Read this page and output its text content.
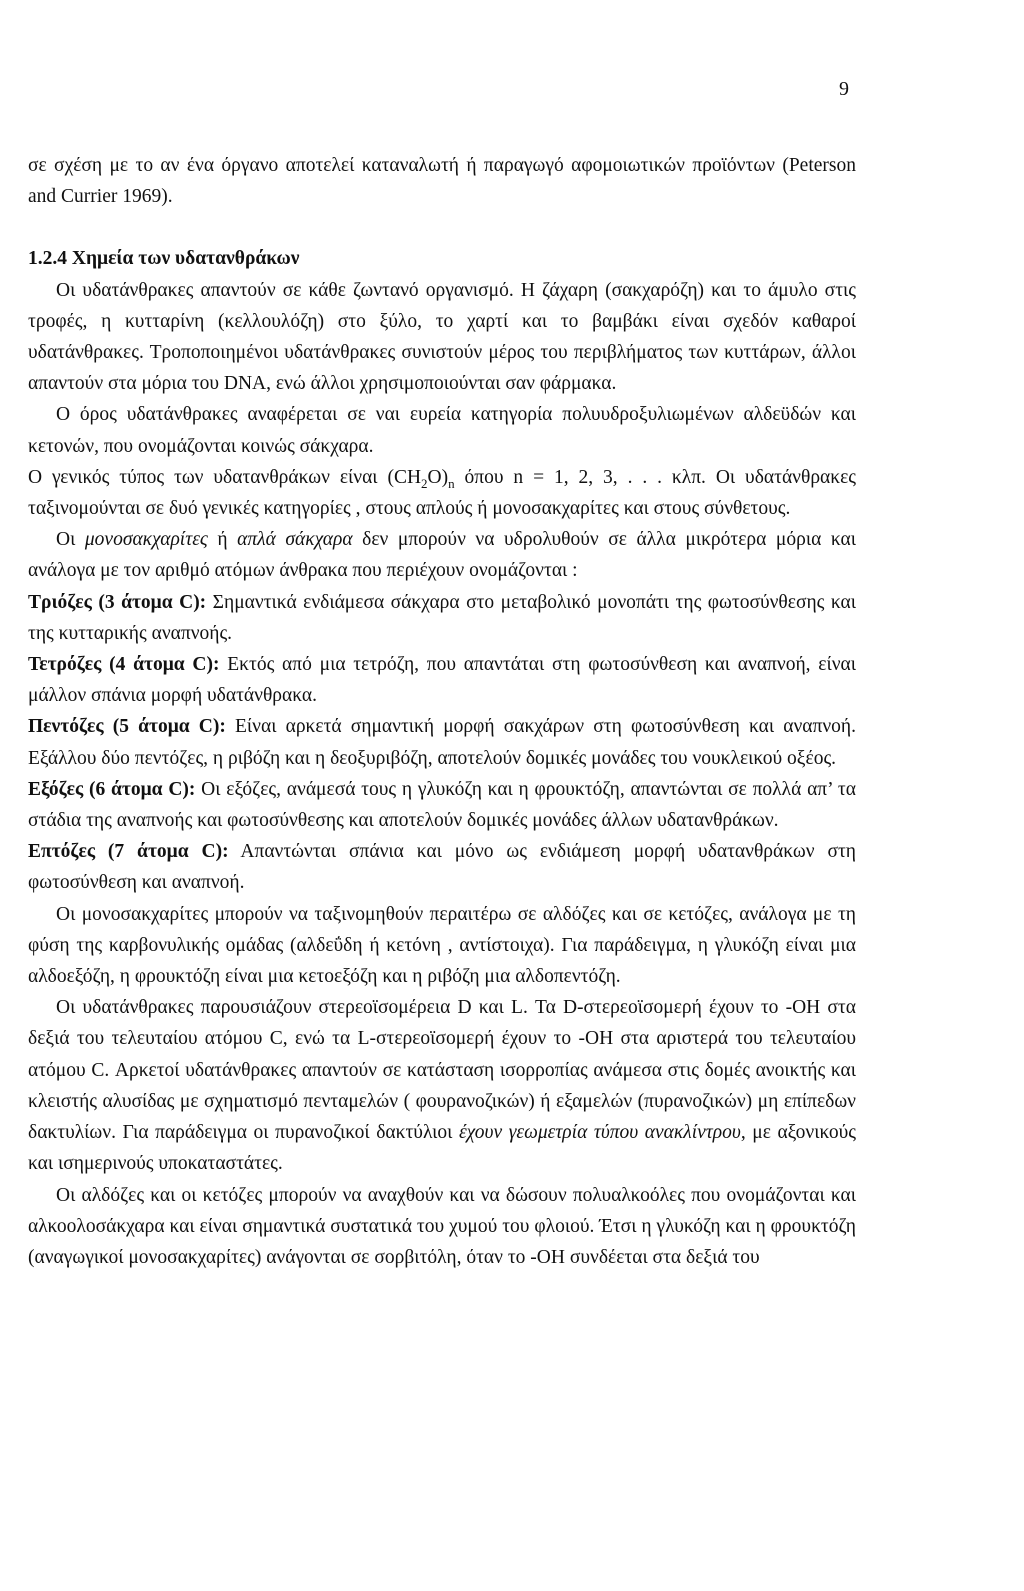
9

σε σχέση με το αν ένα όργανο αποτελεί καταναλωτή ή παραγωγό αφομοιωτικών προϊόντων (Peterson and Currier 1969).

1.2.4 Χημεία των υδατανθράκων

Οι υδατάνθρακες απαντούν σε κάθε ζωντανό οργανισμό. Η ζάχαρη (σακχαρόζη) και το άμυλο στις τροφές, η κυτταρίνη (κελλουλόζη) στο ξύλο, το χαρτί και το βαμβάκι είναι σχεδόν καθαροί υδατάνθρακες. Τροποποιημένοι υδατάνθρακες συνιστούν μέρος του περιβλήματος των κυττάρων, άλλοι απαντούν στα μόρια του DNA, ενώ άλλοι χρησιμοποιούνται σαν φάρμακα.

Ο όρος υδατάνθρακες αναφέρεται σε ναι ευρεία κατηγορία πολυυδροξυλιωμένων αλδεϋδών και κετονών, που ονομάζονται κοινώς σάκχαρα.

Ο γενικός τύπος των υδατανθράκων είναι $(CH_2O)_n$ όπου n = 1, 2, 3, . . . κλπ. Οι υδατάνθρακες ταξινομούνται σε δυό γενικές κατηγορίες , στους απλούς ή μονοσακχαρίτες και στους σύνθετους.

Οι μονοσακχαρίτες ή απλά σάκχαρα δεν μπορούν να υδρολυθούν σε άλλα μικρότερα μόρια και ανάλογα με τον αριθμό ατόμων άνθρακα που περιέχουν ονομάζονται :

Τριόζες (3 άτομα C): Σημαντικά ενδιάμεσα σάκχαρα στο μεταβολικό μονοπάτι της φωτοσύνθεσης και της κυτταρικής αναπνοής.

Τετρόζες (4 άτομα C): Εκτός από μια τετρόζη, που απαντάται στη φωτοσύνθεση και αναπνοή, είναι μάλλον σπάνια μορφή υδατάνθρακα.

Πεντόζες (5 άτομα C): Είναι αρκετά σημαντική μορφή σακχάρων στη φωτοσύνθεση και αναπνοή. Εξάλλου δύο πεντόζες, η ριβόζη και η δεοξυριβόζη, αποτελούν δομικές μονάδες του νουκλεικού οξέος.

Εξόζες (6 άτομα C): Οι εξόζες, ανάμεσά τους η γλυκόζη και η φρουκτόζη, απαντώνται σε πολλά απ’ τα στάδια της αναπνοής και φωτοσύνθεσης και αποτελούν δομικές μονάδες άλλων υδατανθράκων.

Επτόζες (7 άτομα C): Απαντώνται σπάνια και μόνο ως ενδιάμεση μορφή υδατανθράκων στη φωτοσύνθεση και αναπνοή.

Οι μονοσακχαρίτες μπορούν να ταξινομηθούν περαιτέρω σε αλδόζες και σε κετόζες, ανάλογα με τη φύση της καρβονυλικής ομάδας (αλδεΰδη ή κετόνη , αντίστοιχα). Για παράδειγμα, η γλυκόζη είναι μια αλδοεξόζη, η φρουκτόζη είναι μια κετοεξόζη και η ριβόζη μια αλδοπεντόζη.

Οι υδατάνθρακες παρουσιάζουν στερεοϊσομέρεια D και L. Τα D-στερεοϊσομερή έχουν το -OH στα δεξιά του τελευταίου ατόμου C, ενώ τα L-στερεοϊσομερή έχουν το -OH στα αριστερά του τελευταίου ατόμου C. Αρκετοί υδατάνθρακες απαντούν σε κατάσταση ισορροπίας ανάμεσα στις δομές ανοικτής και κλειστής αλυσίδας με σχηματισμό πενταμελών ( φουρανοζικών) ή εξαμελών (πυρανοζικών) μη επίπεδων δακτυλίων. Για παράδειγμα οι πυρανοζικοί δακτύλιοι έχουν γεωμετρία τύπου ανακλίντρου, με αξονικούς και ισημερινούς υποκαταστάτες.

Οι αλδόζες και οι κετόζες μπορούν να αναχθούν και να δώσουν πολυαλκοόλες που ονομάζονται και αλκοολοσάκχαρα και είναι σημαντικά συστατικά του χυμού του φλοιού. Έτσι η γλυκόζη και η φρουκτόζη (αναγωγικοί μονοσακχαρίτες) ανάγονται σε σορβιτόλη, όταν το -OH συνδέεται στα δεξιά του
